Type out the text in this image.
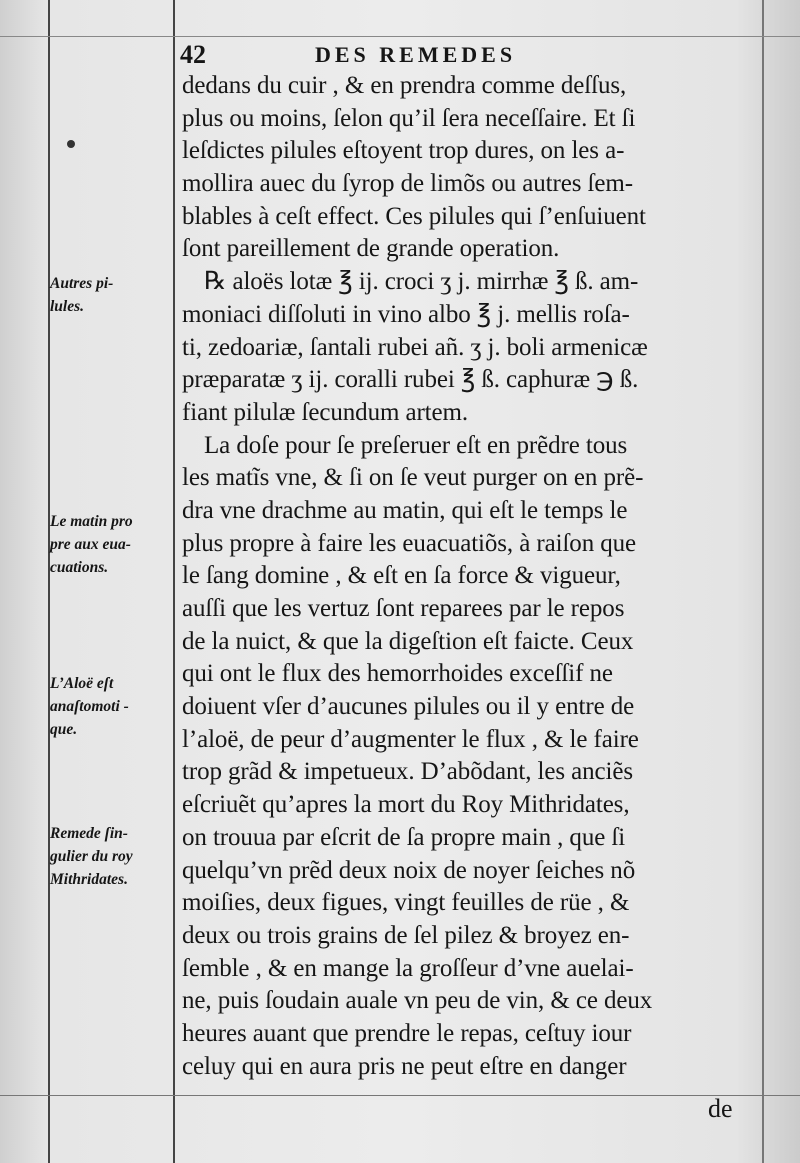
42	DES REMEDES
dedans du cuir , & en prendra comme deſſus,
plus ou moins, ſelon qu’il ſera neceſſaire. Et ſi
leſdictes pilules eſtoyent trop dures, on les a-
mollira auec du ſyrop de limõs ou autres ſem-
blables à ceſt effect. Ces pilules qui ſ’enſuiuent
ſont pareillement de grande operation.
℞ aloës lotæ ℥ ij. croci ʒ j. mirrhæ ℥ ß. am-
moniaci diſſoluti in vino albo ℥ j. mellis roſa-
ti, zedoariæ, ſantali rubei añ. ʒ j. boli armenicæ
præparatæ ʒ ij. coralli rubei ℥ ß. caphuræ ℈ ß.
fiant pilulæ ſecundum artem.
La doſe pour ſe preſeruer eſt en prẽdre tous
les matĩs vne, & ſi on ſe veut purger on en prẽ-
dra vne drachme au matin, qui eſt le temps le
plus propre à faire les euacuatiõs, à raiſon que
le ſang domine , & eſt en ſa force & vigueur,
auſſi que les vertuz ſont reparees par le repos
de la nuict, & que la digeſtion eſt faicte. Ceux
qui ont le flux des hemorrhoides exceſſif ne
doiuent vſer d’aucunes pilules ou il y entre de
l’aloë, de peur d’augmenter le flux , & le faire
trop grãd & impetueux. D’abõdant, les anciẽs
eſcriuẽt qu’apres la mort du Roy Mithridates,
on trouua par eſcrit de ſa propre main , que ſi
quelqu’vn prẽd deux noix de noyer ſeiches nõ
moiſies, deux figues, vingt feuilles de rüe , &
deux ou trois grains de ſel pilez & broyez en-
ſemble , & en mange la groſſeur d’vne auelai-
ne, puis ſoudain auale vn peu de vin, & ce deux
heures auant que prendre le repas, ceſtuy iour
celuy qui en aura pris ne peut eſtre en danger
Autres pi-
lules.
Le matin pro
pre aux eua-
cuations.
L’Aloë eſt
anaſtomoti -
que.
Remede ſin-
gulier du roy
Mithridates.
de
